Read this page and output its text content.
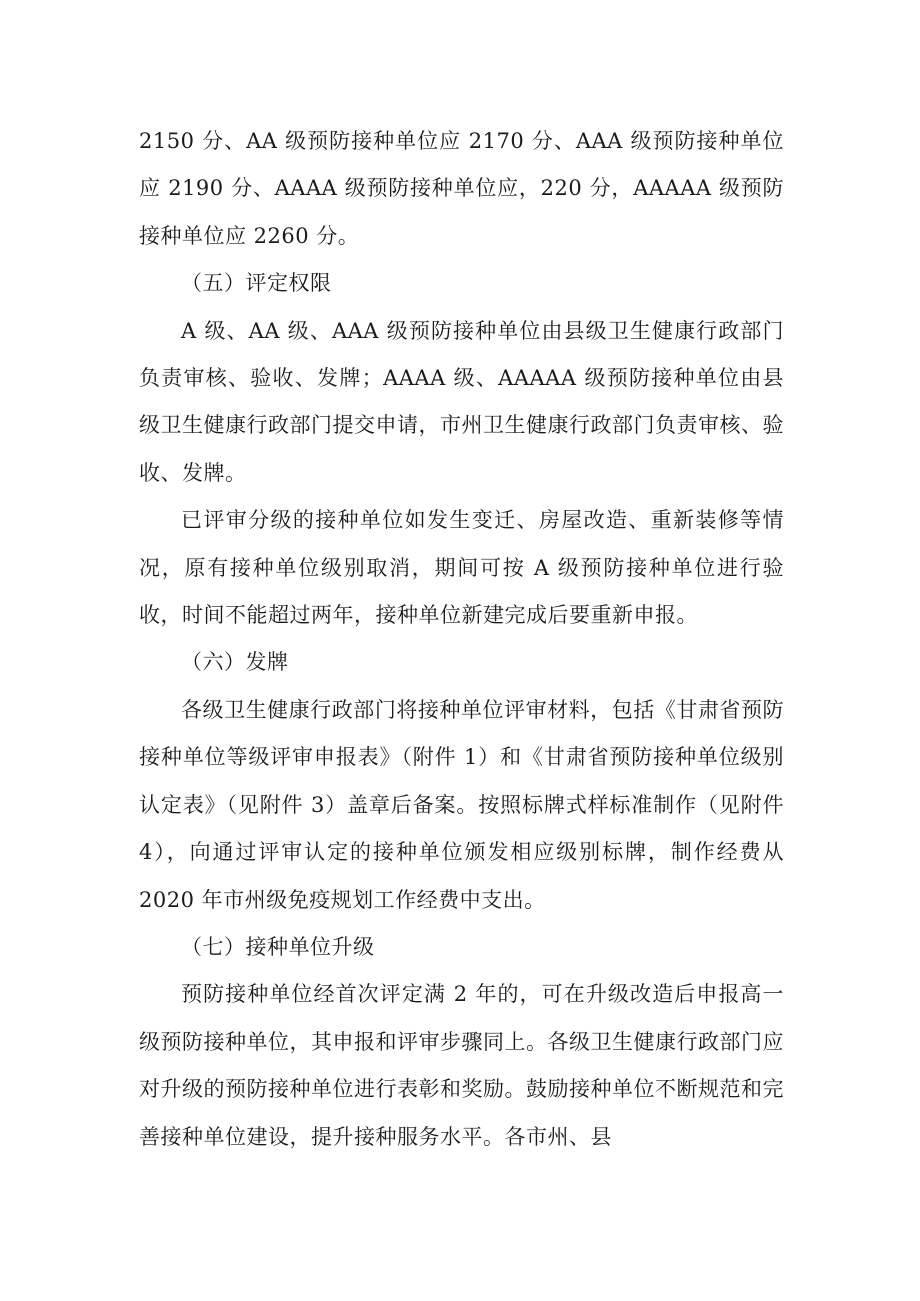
2150 分、AA 级预防接种单位应 2170 分、AAA 级预防接种单位应 2190 分、AAAA 级预防接种单位应，220 分，AAAAA 级预防接种单位应 2260 分。

（五）评定权限

A 级、AA 级、AAA 级预防接种单位由县级卫生健康行政部门负责审核、验收、发牌；AAAA 级、AAAAA 级预防接种单位由县级卫生健康行政部门提交申请，市州卫生健康行政部门负责审核、验收、发牌。

已评审分级的接种单位如发生变迁、房屋改造、重新装修等情况，原有接种单位级别取消，期间可按 A 级预防接种单位进行验收，时间不能超过两年，接种单位新建完成后要重新申报。

（六）发牌

各级卫生健康行政部门将接种单位评审材料，包括《甘肃省预防接种单位等级评审申报表》（附件 1）和《甘肃省预防接种单位级别认定表》（见附件 3）盖章后备案。按照标牌式样标准制作（见附件 4），向通过评审认定的接种单位颁发相应级别标牌，制作经费从 2020 年市州级免疫规划工作经费中支出。

（七）接种单位升级

预防接种单位经首次评定满 2 年的，可在升级改造后申报高一级预防接种单位，其申报和评审步骤同上。各级卫生健康行政部门应对升级的预防接种单位进行表彰和奖励。鼓励接种单位不断规范和完善接种单位建设，提升接种服务水平。各市州、县
